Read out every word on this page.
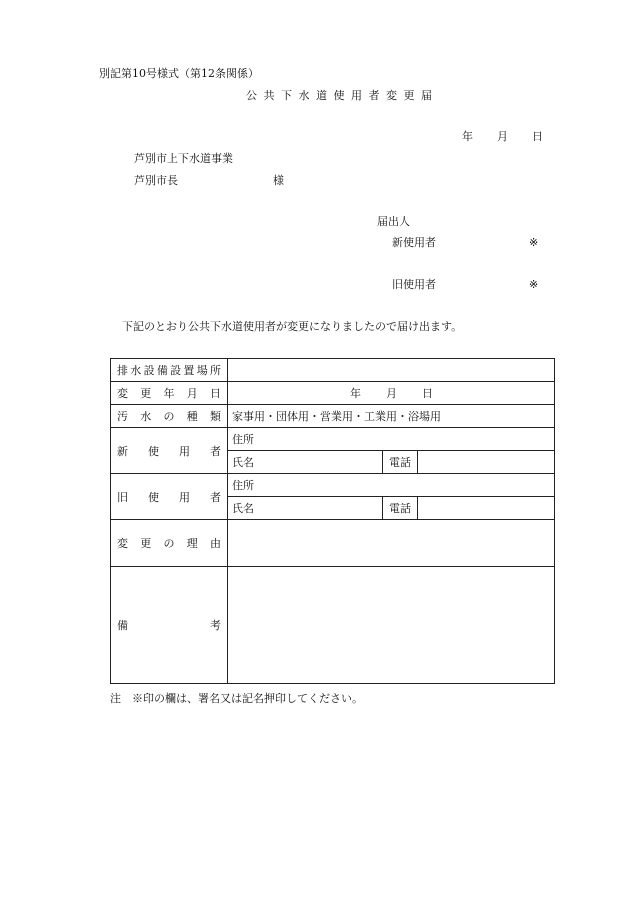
別記第10号様式（第12条関係）
公共下水道使用者変更届
年 月 日
芦別市上下水道事業
芦別市長	様
届出人
新使用者	※
旧使用者	※
下記のとおり公共下水道使用者が変更になりましたので届け出ます。
排水設備設置場所			
変更年月日	年 月 日		
汚水の種類	家事用・団体用・営業用・工業用・浴場用		
新使用者	住所		
	氏名	電話	
旧使用者	住所		
	氏名	電話	
変更の理由			
備考			
注　※印の欄は、署名又は記名押印してください。
